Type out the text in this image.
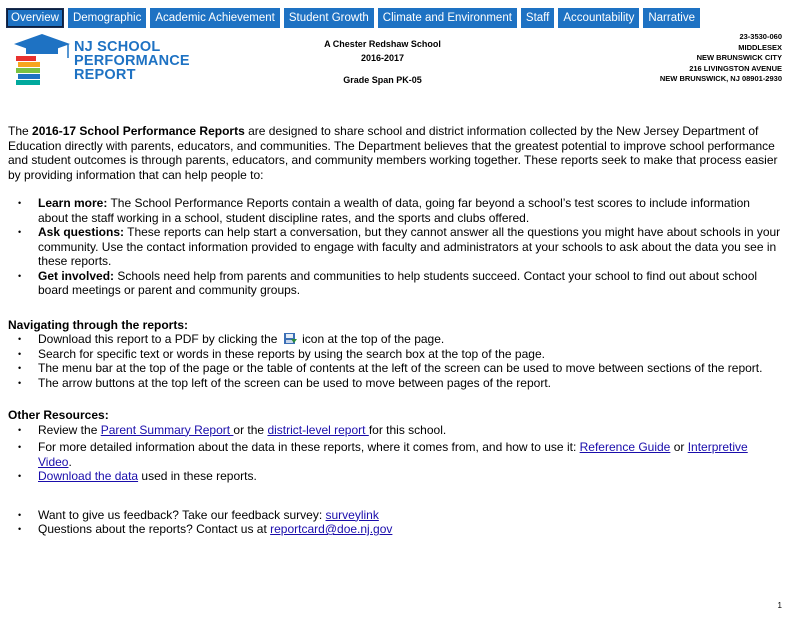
Overview	Demographic	Academic Achievement	Student Growth	Climate and Environment	Staff	Accountability	Narrative
NJ SCHOOL
PERFORMANCE
REPORT
A Chester Redshaw School
2016-2017
Grade Span PK-05
23-3530-060
MIDDLESEX
NEW BRUNSWICK CITY
216 LIVINGSTON AVENUE
NEW BRUNSWICK, NJ 08901-2930

The 2016-17 School Performance Reports are designed to share school and district information collected by the New Jersey Department of Education directly with parents, educators, and communities. The Department believes that the greatest potential to improve school performance and student outcomes is through parents, educators, and community members working together. These reports seek to make that process easier by providing information that can help people to:

• Learn more: The School Performance Reports contain a wealth of data, going far beyond a school’s test scores to include information about the staff working in a school, student discipline rates, and the sports and clubs offered.
• Ask questions: These reports can help start a conversation, but they cannot answer all the questions you might have about schools in your community. Use the contact information provided to engage with faculty and administrators at your schools to ask about the data you see in these reports.
• Get involved: Schools need help from parents and communities to help students succeed. Contact your school to find out about school board meetings or parent and community groups.

Navigating through the reports:

• Download this report to a PDF by clicking the  icon at the top of the page.
• Search for specific text or words in these reports by using the search box at the top of the page.
• The menu bar at the top of the page or the table of contents at the left of the screen can be used to move between sections of the report.
• The arrow buttons at the top left of the screen can be used to move between pages of the report.

Other Resources:

• Review the Parent Summary Report or the district-level report for this school.
• For more detailed information about the data in these reports, where it comes from, and how to use it: Reference Guide or Interpretive Video.
• Download the data used in these reports.
• Want to give us feedback? Take our feedback survey: surveylink
• Questions about the reports? Contact us at reportcard@doe.nj.gov
1
